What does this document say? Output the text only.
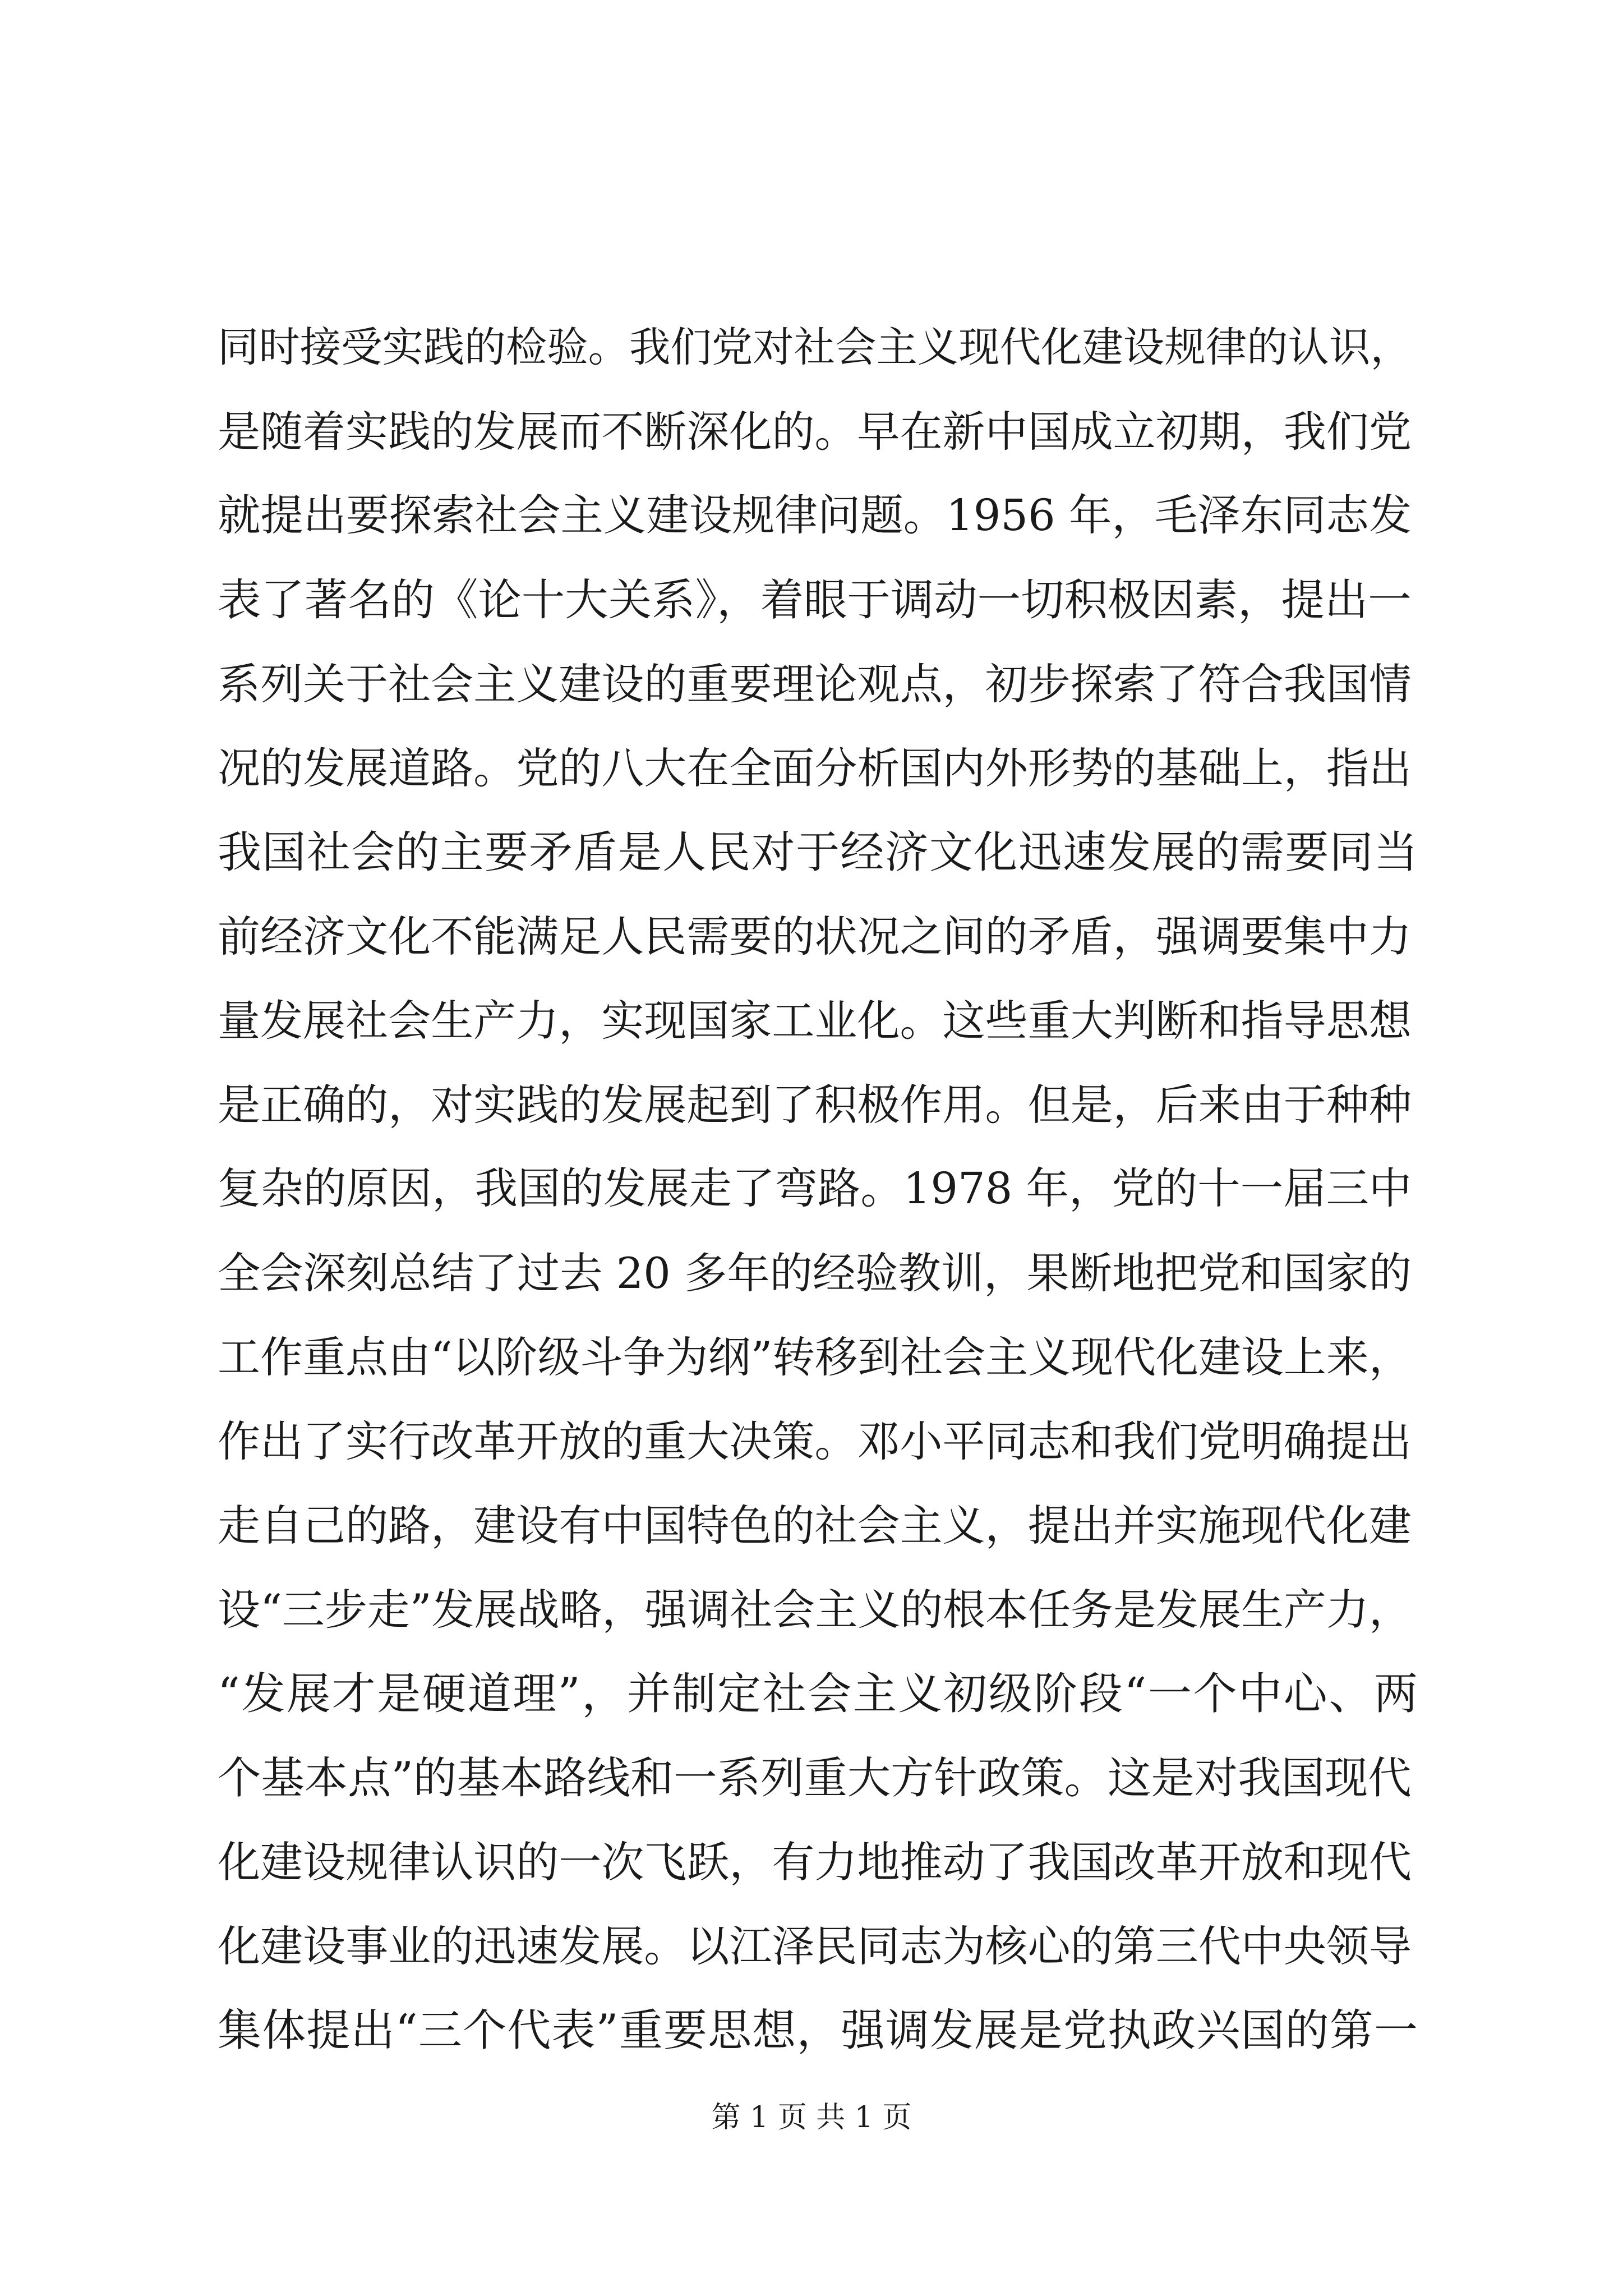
同时接受实践的检验。我们党对社会主义现代化建设规律的认识，
是随着实践的发展而不断深化的。早在新中国成立初期，我们党
就提出要探索社会主义建设规律问题。1956 年，毛泽东同志发
表了著名的《论十大关系》，着眼于调动一切积极因素，提出一
系列关于社会主义建设的重要理论观点，初步探索了符合我国情
况的发展道路。党的八大在全面分析国内外形势的基础上，指出
我国社会的主要矛盾是人民对于经济文化迅速发展的需要同当
前经济文化不能满足人民需要的状况之间的矛盾，强调要集中力
量发展社会生产力，实现国家工业化。这些重大判断和指导思想
是正确的，对实践的发展起到了积极作用。但是，后来由于种种
复杂的原因，我国的发展走了弯路。1978 年，党的十一届三中
全会深刻总结了过去 20 多年的经验教训，果断地把党和国家的
工作重点由“以阶级斗争为纲”转移到社会主义现代化建设上来，
作出了实行改革开放的重大决策。邓小平同志和我们党明确提出
走自己的路，建设有中国特色的社会主义，提出并实施现代化建
设“三步走”发展战略，强调社会主义的根本任务是发展生产力，
“发展才是硬道理”，并制定社会主义初级阶段“一个中心、两
个基本点”的基本路线和一系列重大方针政策。这是对我国现代
化建设规律认识的一次飞跃，有力地推动了我国改革开放和现代
化建设事业的迅速发展。以江泽民同志为核心的第三代中央领导
集体提出“三个代表”重要思想，强调发展是党执政兴国的第一
第 1 页 共 1 页
